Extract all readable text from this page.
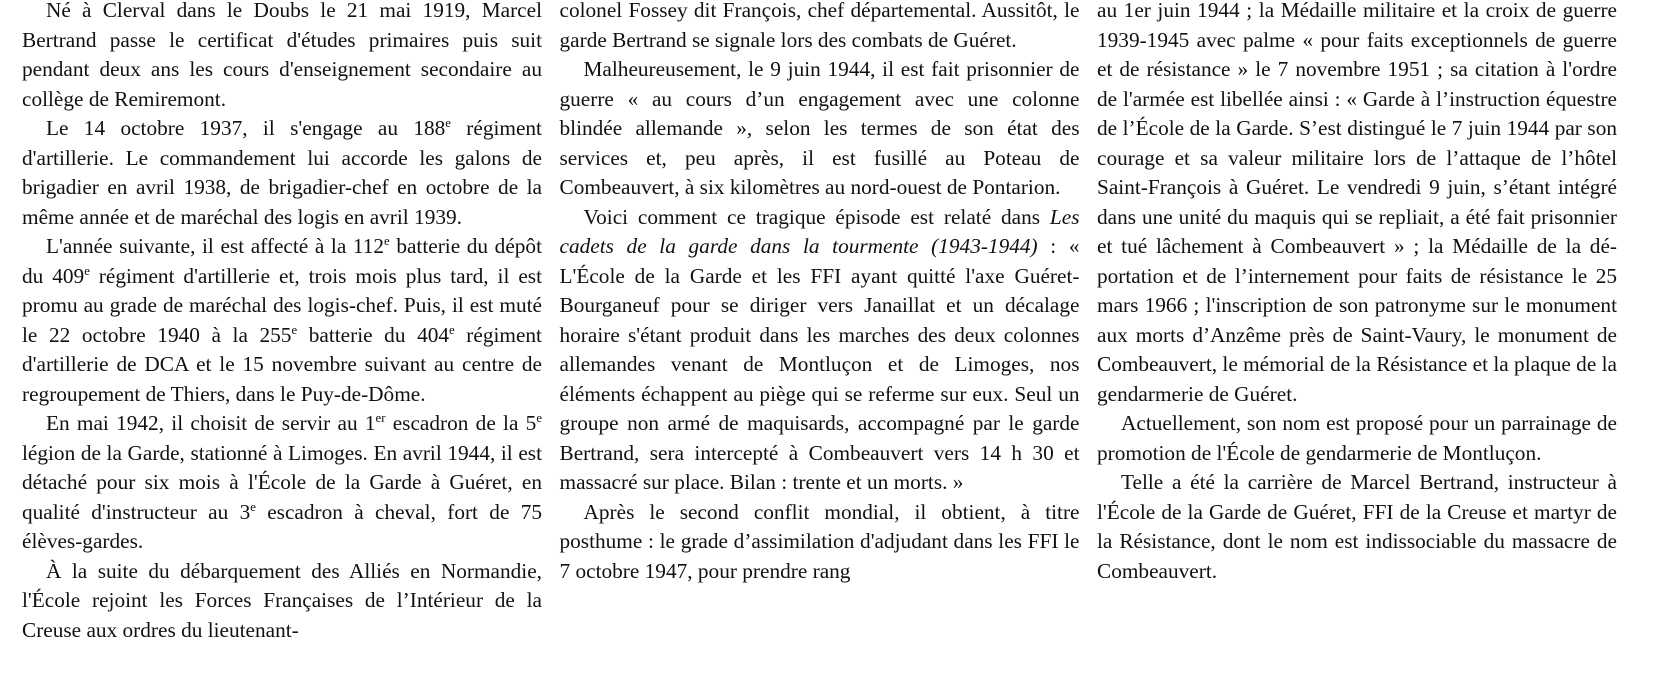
Né à Clerval dans le Doubs le 21 mai 1919, Marcel Bertrand passe le certificat d'études primaires puis suit pendant deux ans les cours d'enseignement secondaire au collège de Remiremont.

Le 14 octobre 1937, il s'engage au 188e régiment d'artillerie. Le commandement lui accorde les galons de brigadier en avril 1938, de brigadier-chef en octobre de la même année et de maréchal des logis en avril 1939.

L'année suivante, il est affecté à la 112e batterie du dépôt du 409e régiment d'artillerie et, trois mois plus tard, il est promu au grade de maréchal des logis-chef. Puis, il est muté le 22 octobre 1940 à la 255e batterie du 404e régiment d'artillerie de DCA et le 15 novembre suivant au centre de regroupement de Thiers, dans le Puy-de-Dôme.

En mai 1942, il choisit de servir au 1er escadron de la 5e légion de la Garde, stationné à Limoges. En avril 1944, il est détaché pour six mois à l'École de la Garde à Guéret, en qualité d'instructeur au 3e escadron à cheval, fort de 75 élèves-gardes.

À la suite du débarquement des Alliés en Normandie, l'École rejoint les Forces Françaises de l’Intérieur de la Creuse aux ordres du lieutenant-

colonel Fossey dit François, chef départemental. Aussitôt, le garde Bertrand se signale lors des combats de Guéret.

Malheureusement, le 9 juin 1944, il est fait prisonnier de guerre « au cours d’un engagement avec une colonne blindée allemande », selon les termes de son état des services et, peu après, il est fusillé au Poteau de Combeauvert, à six kilomètres au nord-ouest de Pontarion.

Voici comment ce tragique épisode est relaté dans Les cadets de la garde dans la tourmente (1943-1944) : « L'École de la Garde et les FFI ayant quitté l'axe Guéret-Bourganeuf pour se diriger vers Janaillat et un décalage horaire s'étant produit dans les marches des deux colonnes allemandes venant de Montluçon et de Limoges, nos éléments échappent au piège qui se referme sur eux. Seul un groupe non armé de maquisards, accompagné par le garde Bertrand, sera intercepté à Combeauvert vers 14 h 30 et massacré sur place. Bilan : trente et un morts. »

Après le second conflit mondial, il obtient, à titre posthume : le grade d’assimilation d'adjudant dans les FFI le 7 octobre 1947, pour prendre rang

au 1er juin 1944 ; la Médaille militaire et la croix de guerre 1939-1945 avec palme « pour faits exceptionnels de guerre et de résistance » le 7 novembre 1951 ; sa citation à l'ordre de l'armée est libellée ainsi : « Garde à l’instruction équestre de l’École de la Garde. S’est distingué le 7 juin 1944 par son courage et sa valeur militaire lors de l’attaque de l’hôtel Saint-François à Guéret. Le vendredi 9 juin, s’étant intégré dans une unité du maquis qui se repliait, a été fait prisonnier et tué lâchement à Combeauvert » ; la Médaille de la déportation et de l’internement pour faits de résistance le 25 mars 1966 ; l'inscription de son patronyme sur le monument aux morts d’Anzême près de Saint-Vaury, le monument de Combeauvert, le mémorial de la Résistance et la plaque de la gendarmerie de Guéret.

Actuellement, son nom est proposé pour un parrainage de promotion de l'École de gendarmerie de Montluçon.

Telle a été la carrière de Marcel Bertrand, instructeur à l'École de la Garde de Guéret, FFI de la Creuse et martyr de la Résistance, dont le nom est indissociable du massacre de Combeauvert.
